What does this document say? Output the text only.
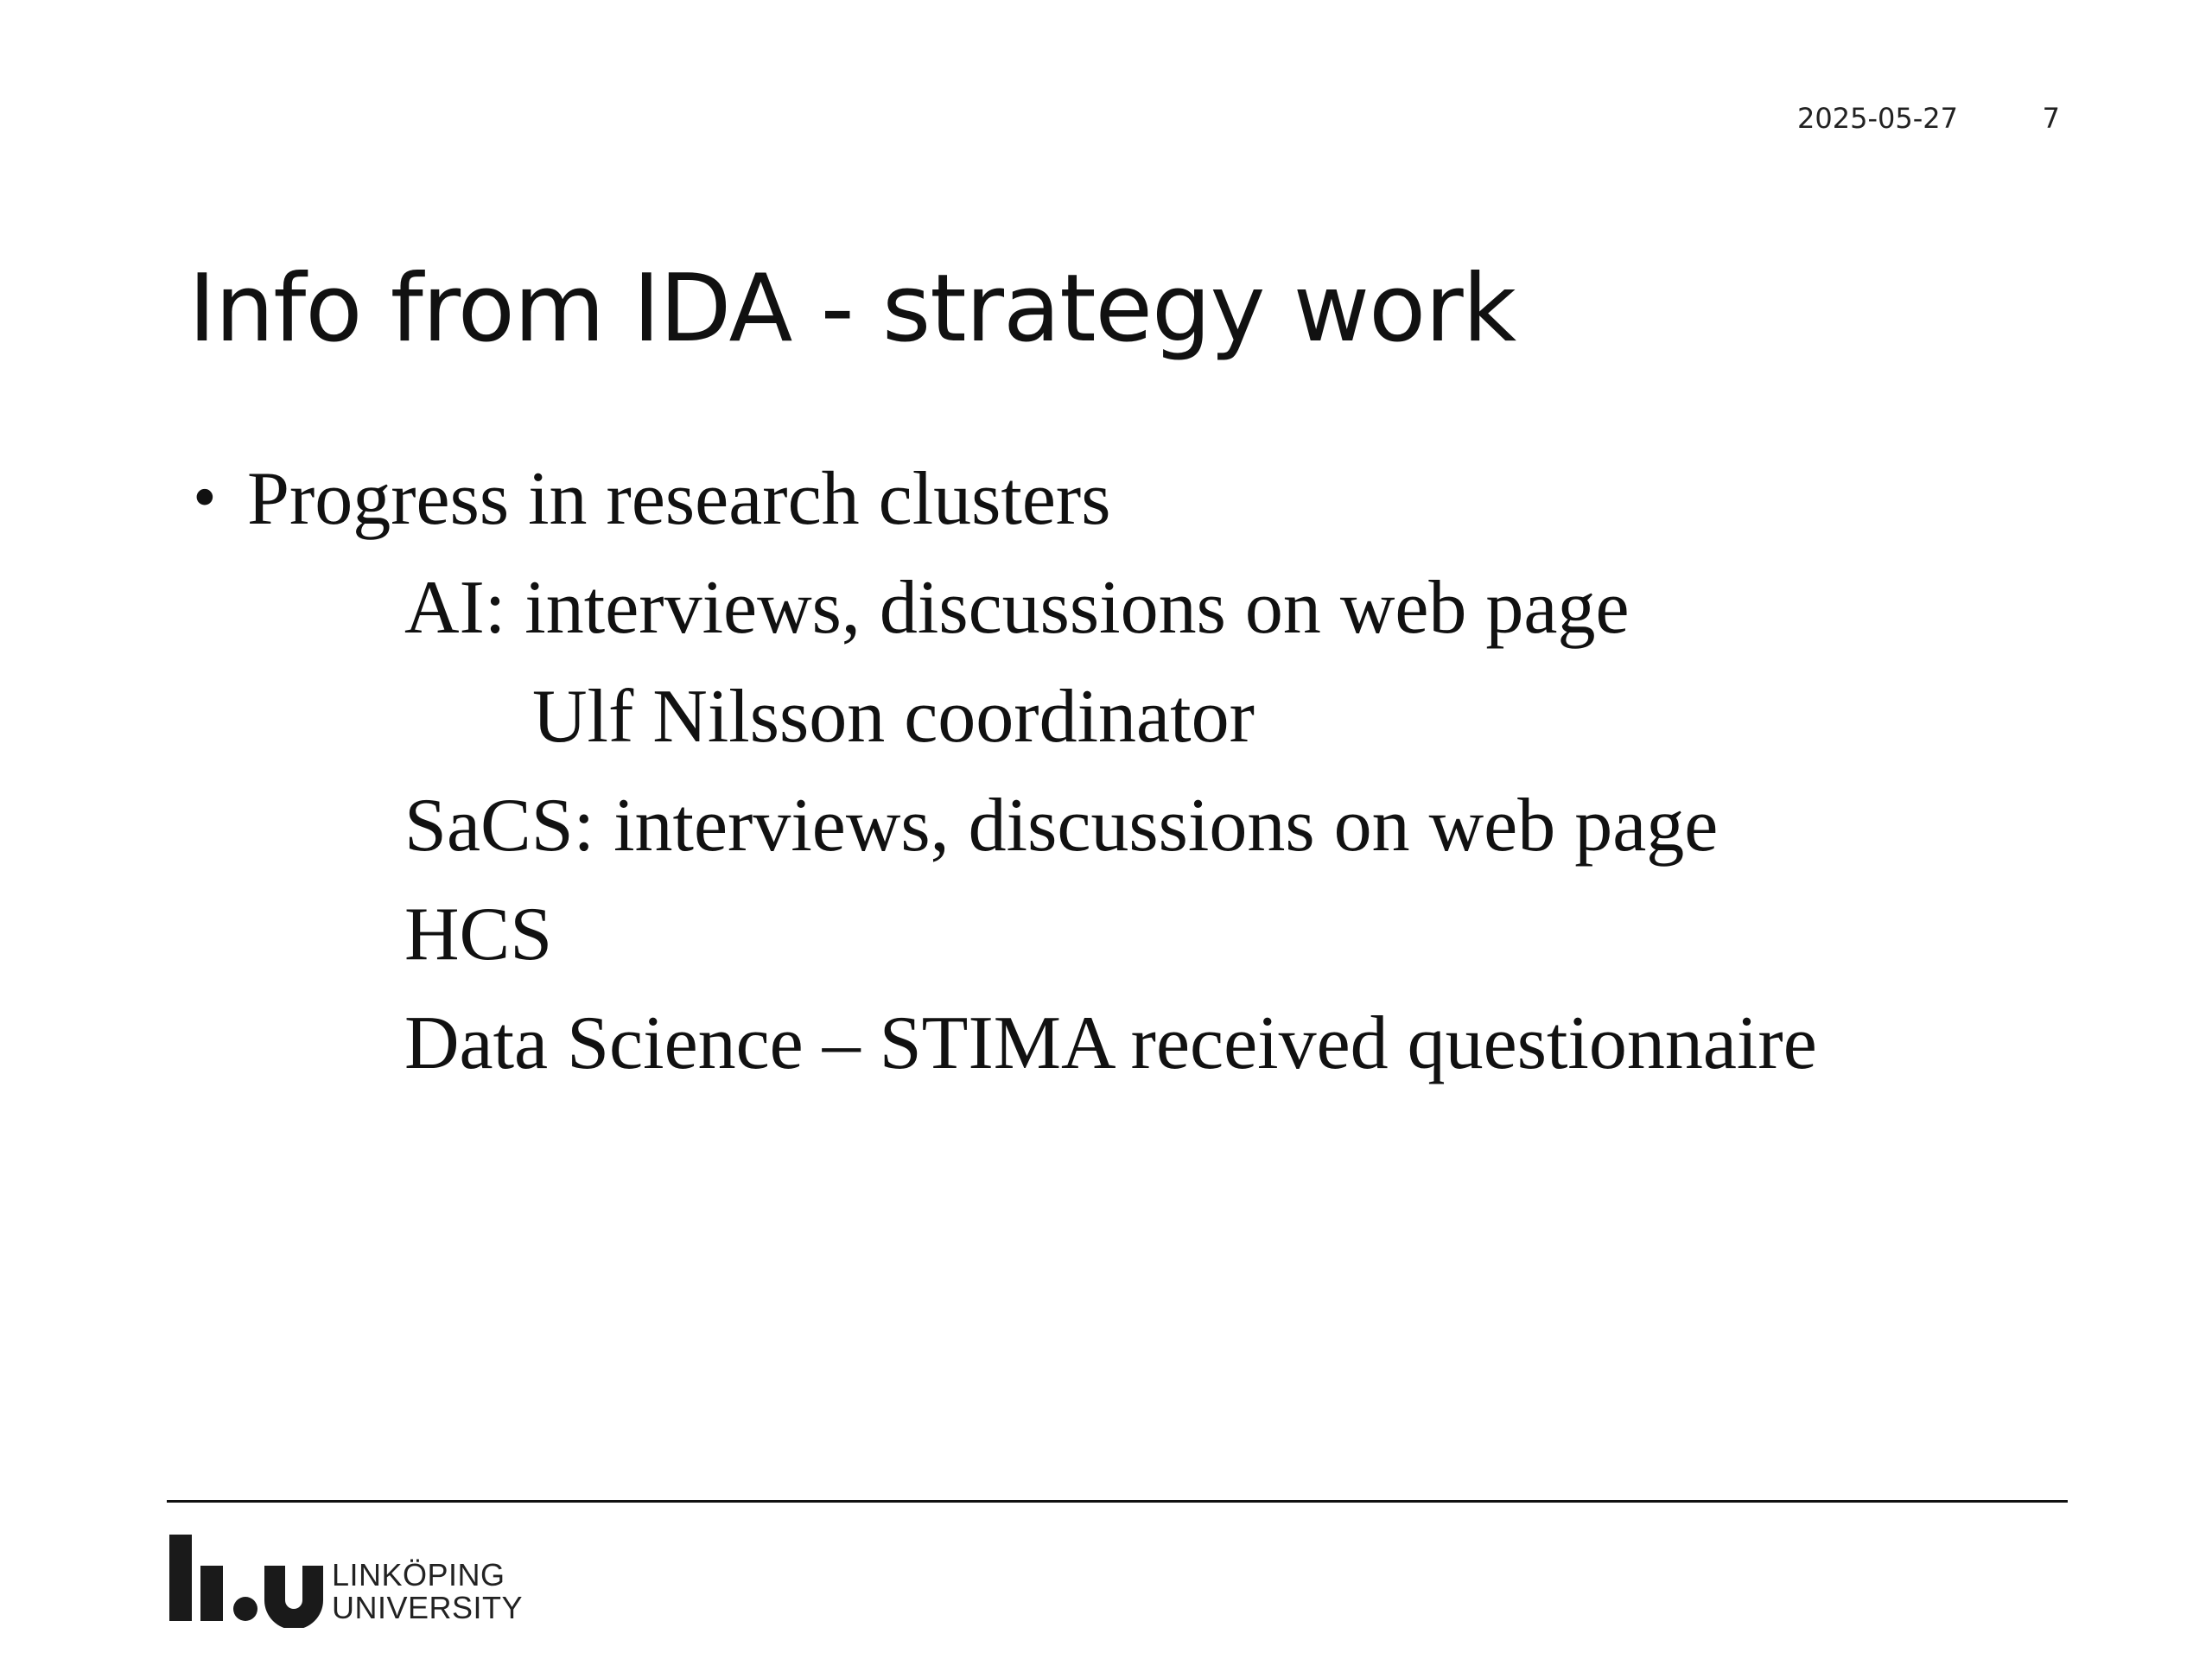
2025-05-27	7
Info from IDA - strategy work
• Progress in research clusters
AI: interviews, discussions on web page
Ulf Nilsson coordinator
SaCS: interviews, discussions on web page
HCS
Data Science – STIMA received questionnaire
LINKÖPING
UNIVERSITY
